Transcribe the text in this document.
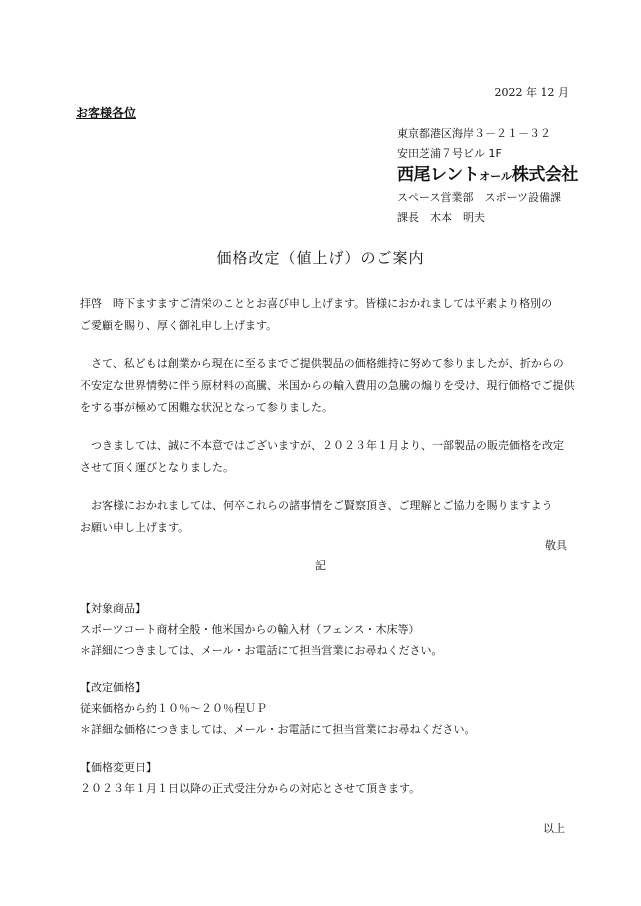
2022 年 12 月
お客様各位
東京都港区海岸３－２１－３２
安田芝浦７号ビル 1F
西尾レントオール株式会社
スペース営業部　スポーツ設備課
課長　木本　明夫
価格改定（値上げ）のご案内
拝啓　時下ますますご清栄のこととお喜び申し上げます。皆様におかれましては平素より格別の
ご愛顧を賜り、厚く御礼申し上げます。
　さて、私どもは創業から現在に至るまでご提供製品の価格維持に努めて参りましたが、折からの
不安定な世界情勢に伴う原材料の高騰、米国からの輸入費用の急騰の煽りを受け、現行価格でご提供
をする事が極めて困難な状況となって参りました。
　つきましては、誠に不本意ではございますが、２０２３年１月より、一部製品の販売価格を改定
させて頂く運びとなりました。
　お客様におかれましては、何卒これらの諸事情をご賢察頂き、ご理解とご協力を賜りますよう
お願い申し上げます。
敬具
記
【対象商品】
スポーツコート商材全般・他米国からの輸入材（フェンス・木床等）
＊詳細につきましては、メール・お電話にて担当営業にお尋ねください。
【改定価格】
従来価格から約１０％～２０％程ＵＰ
＊詳細な価格につきましては、メール・お電話にて担当営業にお尋ねください。
【価格変更日】
２０２３年１月１日以降の正式受注分からの対応とさせて頂きます。
以上
